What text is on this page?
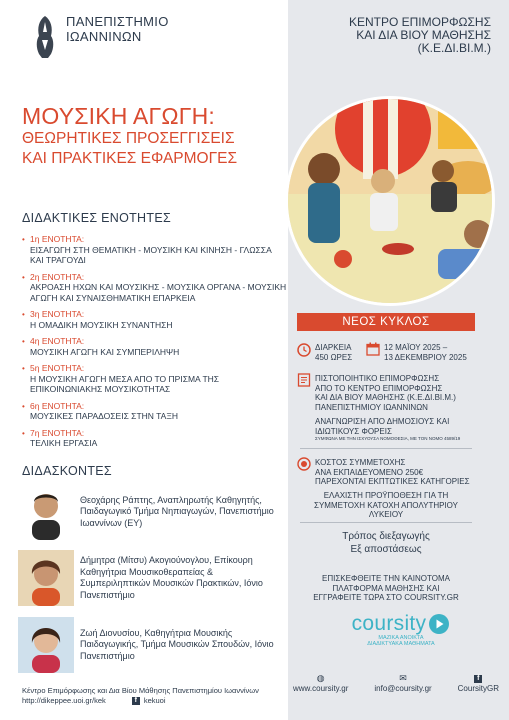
ΠΑΝΕΠΙΣΤΗΜΙΟ
ΙΩΑΝΝΙΝΩΝ
ΚΕΝΤΡΟ ΕΠΙΜΟΡΦΩΣΗΣ
ΚΑΙ ΔΙΑ ΒΙΟΥ ΜΑΘΗΣΗΣ
(Κ.Ε.ΔΙ.ΒΙ.Μ.)
ΜΟΥΣΙΚΗ ΑΓΩΓΗ:
ΘΕΩΡΗΤΙΚΕΣ ΠΡΟΣΕΓΓΙΣΕΙΣ
ΚΑΙ ΠΡΑΚΤΙΚΕΣ ΕΦΑΡΜΟΓΕΣ
ΔΙΔΑΚΤΙΚΕΣ ΕΝΟΤΗΤΕΣ
• 1η ΕΝΟΤΗΤΑ:
ΕΙΣΑΓΩΓΗ ΣΤΗ ΘΕΜΑΤΙΚΗ - ΜΟΥΣΙΚΗ ΚΑΙ ΚΙΝΗΣΗ - ΓΛΩΣΣΑ ΚΑΙ ΤΡΑΓΟΥΔΙ
• 2η ΕΝΟΤΗΤΑ:
ΑΚΡΟΑΣΗ ΗΧΩΝ ΚΑΙ ΜΟΥΣΙΚΗΣ - ΜΟΥΣΙΚΑ ΟΡΓΑΝΑ - ΜΟΥΣΙΚΗ ΑΓΩΓΗ ΚΑΙ ΣΥΝΑΙΣΘΗΜΑΤΙΚΗ ΕΠΑΡΚΕΙΑ
• 3η ΕΝΟΤΗΤΑ:
Η ΟΜΑΔΙΚΗ ΜΟΥΣΙΚΗ ΣΥΝΑΝΤΗΣΗ
• 4η ΕΝΟΤΗΤΑ:
ΜΟΥΣΙΚΗ ΑΓΩΓΗ ΚΑΙ ΣΥΜΠΕΡΙΛΗΨΗ
• 5η ΕΝΟΤΗΤΑ:
Η ΜΟΥΣΙΚΗ ΑΓΩΓΗ ΜΕΣΑ ΑΠΟ ΤΟ ΠΡΙΣΜΑ ΤΗΣ ΕΠΙΚΟΙΝΩΝΙΑΚΗΣ ΜΟΥΣΙΚΟΤΗΤΑΣ
• 6η ΕΝΟΤΗΤΑ:
ΜΟΥΣΙΚΕΣ ΠΑΡΑΔΟΣΕΙΣ ΣΤΗΝ ΤΑΞΗ
• 7η ΕΝΟΤΗΤΑ:
ΤΕΛΙΚΗ ΕΡΓΑΣΙΑ
ΔΙΔΑΣΚΟΝΤΕΣ
Θεοχάρης Ράπτης, Αναπληρωτής Καθηγητής, Παιδαγωγικό Τμήμα Νηπιαγωγών, Πανεπιστήμιο Ιωαννίνων (ΕΥ)
Δήμητρα (Μίτσυ) Ακογιούνογλου, Επίκουρη Καθηγήτρια Μουσικοθεραπείας & Συμπεριληπτικών Μουσικών Πρακτικών, Ιόνιο Πανεπιστήμιο
Ζωή Διονυσίου, Καθηγήτρια Μουσικής Παιδαγωγικής, Τμήμα Μουσικών Σπουδών, Ιόνιο Πανεπιστήμιο
Κέντρο Επιμόρφωσης και Δια Βίου Μάθησης Πανεπιστημίου Ιωαννίνων
http://dikeppee.uoi.gr/kek	f kekuoi
ΝΕΟΣ ΚΥΚΛΟΣ
ΔΙΑΡΚΕΙΑ
450 ΩΡΕΣ
12 ΜΑΪΟΥ 2025 –
13 ΔΕΚΕΜΒΡΙΟΥ 2025
ΠΙΣΤΟΠΟΙΗΤΙΚΟ ΕΠΙΜΟΡΦΩΣΗΣ
ΑΠΟ ΤΟ ΚΕΝΤΡΟ ΕΠΙΜΟΡΦΩΣΗΣ
ΚΑΙ ΔΙΑ ΒΙΟΥ ΜΑΘΗΣΗΣ (Κ.Ε.ΔΙ.ΒΙ.Μ.)
ΠΑΝΕΠΙΣΤΗΜΙΟΥ ΙΩΑΝΝΙΝΩΝ
ΑΝΑΓΝΩΡΙΣΗ ΑΠΟ ΔΗΜΟΣΙΟΥΣ ΚΑΙ
ΙΔΙΩΤΙΚΟΥΣ ΦΟΡΕΙΣ
ΣΥΜΦΩΝΑ ΜΕ ΤΗΝ ΙΣΧΥΟΥΣΑ ΝΟΜΟΘΕΣΙΑ, ΜΕ ΤΟΝ ΝΟΜΟ 4589/19
ΚΟΣΤΟΣ ΣΥΜΜΕΤΟΧΗΣ
ΑΝΑ ΕΚΠΑΙΔΕΥΟΜΕΝΟ 250€
ΠΑΡΕΧΟΝΤΑΙ ΕΚΠΤΩΤΙΚΕΣ ΚΑΤΗΓΟΡΙΕΣ
ΕΛΑΧΙΣΤΗ ΠΡΟΫΠΟΘΕΣΗ ΓΙΑ ΤΗ
ΣΥΜΜΕΤΟΧΗ ΚΑΤΟΧΗ ΑΠΟΛΥΤΗΡΙΟΥ ΛΥΚΕΙΟΥ
Τρόπος διεξαγωγής
Εξ αποστάσεως
ΕΠΙΣΚΕΦΘΕΙΤΕ ΤΗΝ ΚΑΙΝΟΤΟΜΑ
ΠΛΑΤΦΟΡΜΑ ΜΑΘΗΣΗΣ ΚΑΙ
ΕΓΓΡΑΦΕΙΤΕ ΤΩΡΑ ΣΤΟ COURSITY.GR
coursity
ΜΑΖΙΚΑ ΑΝΟΙΚΤΑ
ΔΙΑΔΙΚΤΥΑΚΑ ΜΑΘΗΜΑΤΑ
◍
www.coursity.gr
✉
info@coursity.gr
f
CoursityGR
